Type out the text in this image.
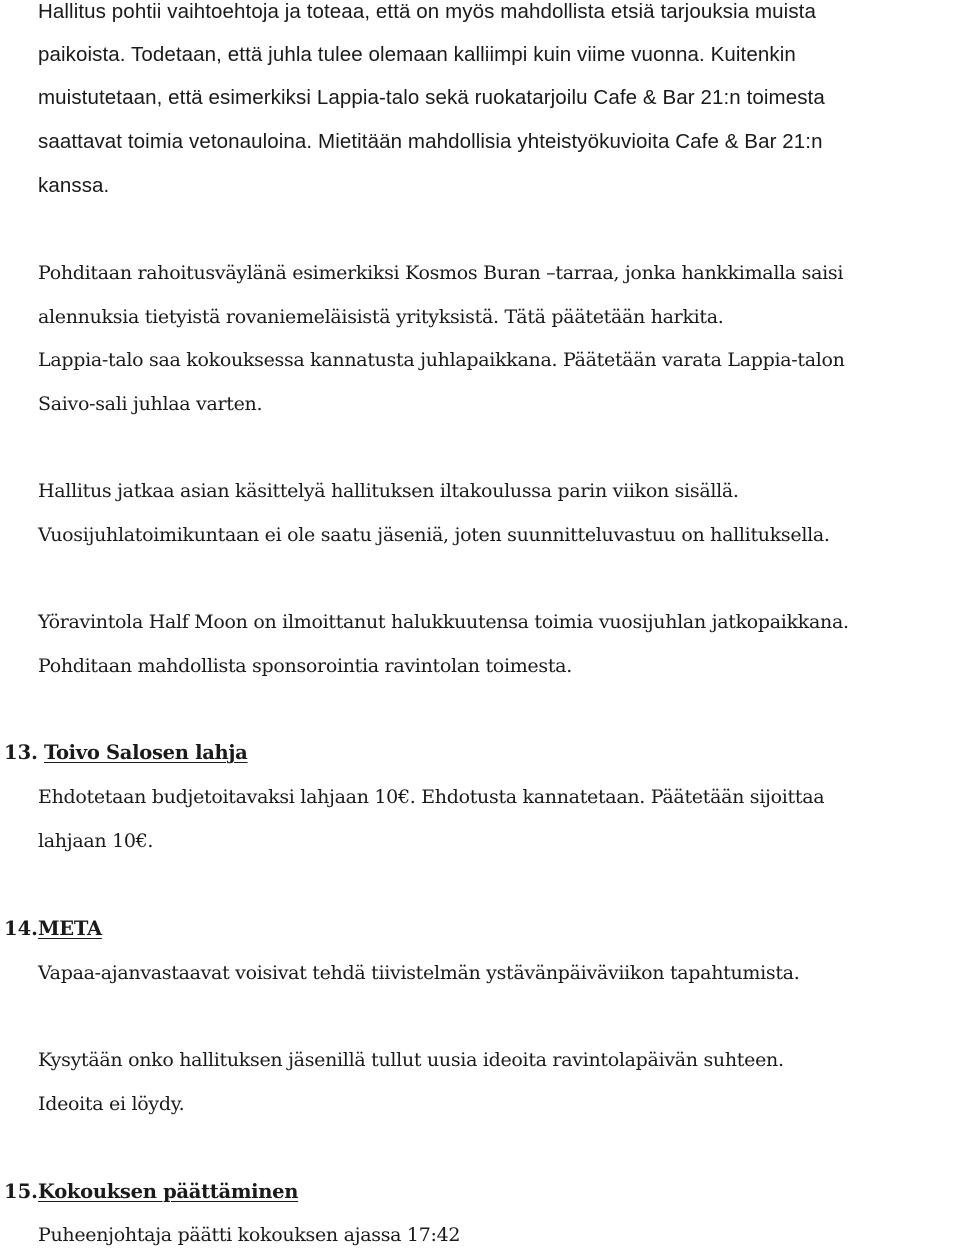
Hallitus pohtii vaihtoehtoja ja toteaa, että on myös mahdollista etsiä tarjouksia muista
paikoista. Todetaan, että juhla tulee olemaan kalliimpi kuin viime vuonna. Kuitenkin
muistutetaan, että esimerkiksi Lappia-talo sekä ruokatarjoilu Cafe & Bar 21:n toimesta
saattavat toimia vetonauloina. Mietitään mahdollisia yhteistyökuvioita Cafe & Bar 21:n
kanssa.
Pohditaan rahoitusväylänä esimerkiksi Kosmos Buran –tarraa, jonka hankkimalla saisi
alennuksia tietyistä rovaniemeläisistä yrityksistä. Tätä päätetään harkita.
Lappia-talo saa kokouksessa kannatusta juhlapaikkana. Päätetään varata Lappia-talon
Saivo-sali juhlaa varten.
Hallitus jatkaa asian käsittelyä hallituksen iltakoulussa parin viikon sisällä.
Vuosijuhlatoimikuntaan ei ole saatu jäseniä, joten suunnitteluvastuu on hallituksella.
Yöravintola Half Moon on ilmoittanut halukkuutensa toimia vuosijuhlan jatkopaikkana.
Pohditaan mahdollista sponsorointia ravintolan toimesta.
13. Toivo Salosen lahja
Ehdotetaan budjetoitavaksi lahjaan 10€. Ehdotusta kannatetaan. Päätetään sijoittaa
lahjaan 10€.
14. META
Vapaa-ajanvastaavat voisivat tehdä tiivistelmän ystävänpäiväviikon tapahtumista.
Kysytään onko hallituksen jäsenillä tullut uusia ideoita ravintolapäivän suhteen.
Ideoita ei löydy.
15. Kokouksen päättäminen
Puheenjohtaja päätti kokouksen ajassa 17:42
